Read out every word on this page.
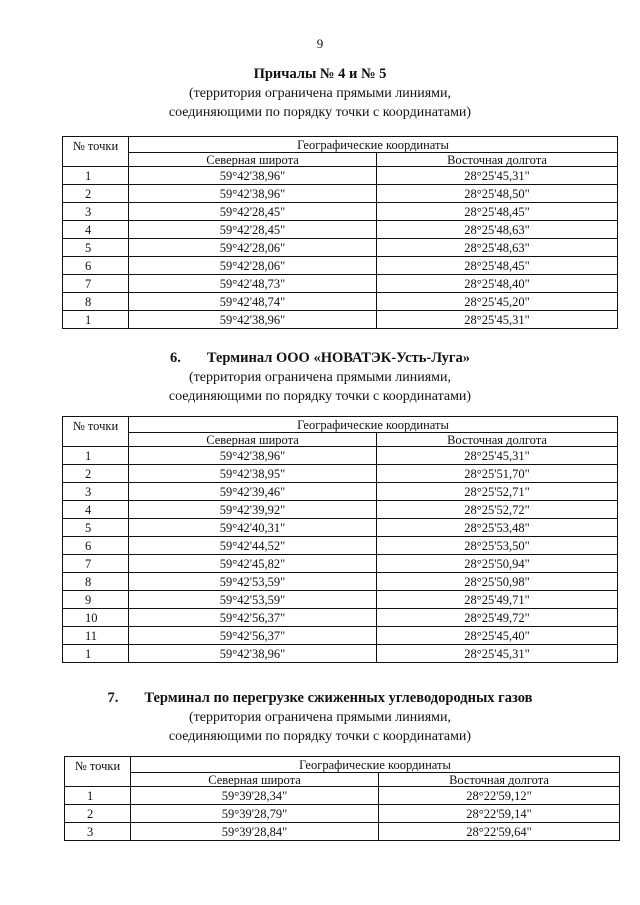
9
Причалы № 4 и № 5
(территория ограничена прямыми линиями,
соединяющими по порядку точки с координатами)
№ точки	Географические координаты	
	Северная широта	Восточная долгота
1	59°42'38,96"	28°25'45,31"
2	59°42'38,96"	28°25'48,50"
3	59°42'28,45"	28°25'48,45"
4	59°42'28,45"	28°25'48,63"
5	59°42'28,06"	28°25'48,63"
6	59°42'28,06"	28°25'48,45"
7	59°42'48,73"	28°25'48,40"
8	59°42'48,74"	28°25'45,20"
1	59°42'38,96"	28°25'45,31"
6. Терминал ООО «НОВАТЭК-Усть-Луга»
(территория ограничена прямыми линиями,
соединяющими по порядку точки с координатами)
№ точки	Географические координаты	
	Северная широта	Восточная долгота
1	59°42'38,96"	28°25'45,31"
2	59°42'38,95"	28°25'51,70"
3	59°42'39,46"	28°25'52,71"
4	59°42'39,92"	28°25'52,72"
5	59°42'40,31"	28°25'53,48"
6	59°42'44,52"	28°25'53,50"
7	59°42'45,82"	28°25'50,94"
8	59°42'53,59"	28°25'50,98"
9	59°42'53,59"	28°25'49,71"
10	59°42'56,37"	28°25'49,72"
11	59°42'56,37"	28°25'45,40"
1	59°42'38,96"	28°25'45,31"
7. Терминал по перегрузке сжиженных углеводородных газов
(территория ограничена прямыми линиями,
соединяющими по порядку точки с координатами)
№ точки	Географические координаты	
	Северная широта	Восточная долгота
1	59°39'28,34"	28°22'59,12"
2	59°39'28,79"	28°22'59,14"
3	59°39'28,84"	28°22'59,64"
